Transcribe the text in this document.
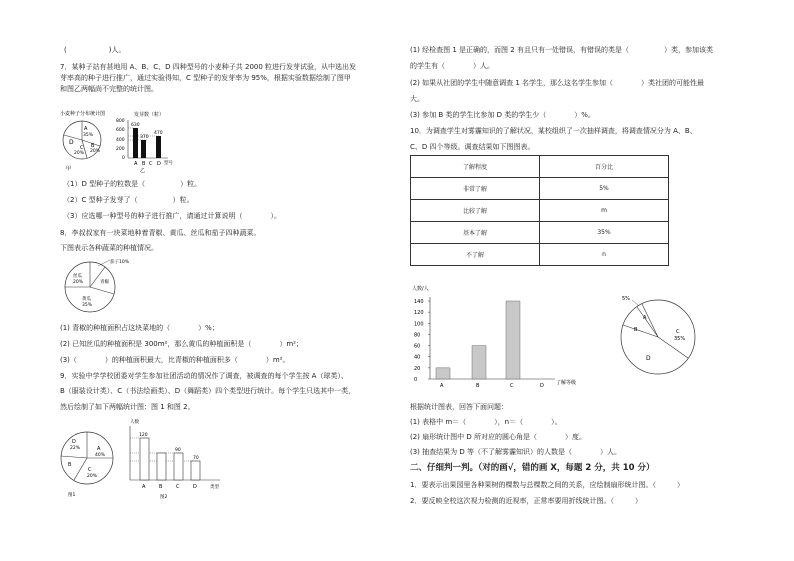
(　　　　　　)人。
7．某种子站有甚地用 A、B、C、D 四种型号的小麦种子共 2000 粒进行发芽试验，从中选出发
芽率高的种子进行推广，通过实验得知，C 型种子的发芽率为 95%，根据实验数据绘制了图甲
和图乙两幅尚不完整的统计图。
小麦种子分布统计图
A
35%
B
20%
C
20%
D
甲
发芽数（粒）
800
600
400
200
0
630
370
470
A B C D 型号
乙
（1）D 型种子的粒数是（　　　　　）粒。
（2）C 型种子发芽了（　　　　　）粒。
（3）应选哪一种型号的种子进行推广，请通过计算说明（　　　　）。
8．李叔叔家有一块菜地种着青椒、黄瓜、丝瓜和茄子四种蔬菜。
下图表示各种蔬菜的种植情况。
茄子10%
丝瓜
20%	青椒
黄瓜
35%
(1) 青椒的种植面积占这块菜地的（　　　　）%；
(2) 已知丝瓜的种植面积是 300m²，那么黄瓜的种植面积是（　　　　）m²；
(3)（　　　　）的种植面积最大，比青椒的种植面积多（　　　　）m²。
9．实验中学学校团委对学生参加社团活动的情况作了调查，被调查的每个学生按 A（球类）、
B（服装设计类）、C（书法绘画类）、D（舞蹈类）四个类型进行统计。每个学生只选其中一类，
然后绘制了如下两幅统计图：图 1 和图 2。
D
22%	A
40%
B
C
20%
图1
人数
120
90
70
A	B	C	D	类型
图2
(1) 经检查图 1 是正确的，而图 2 有且只有一处错误，有错误的类是（　　　　　）类，参加该类
的学生有（　　　　）人。
(2) 如果从社团的学生中随意调查 1 名学生，那么这名学生参加（　　　　）类社团的可能性最
大。
(3) 参加 B 类的学生比参加 D 类的学生少（　　　　）%。
10．为调查学生对雾霾知识的了解状况，某校组织了一次抽样调查，将调查情况分为 A、B、
C、D 四个等级。调查结果如下图图表。
了解程度	百分比
非常了解	5%
比较了解	m
基本了解	35%
不了解	n
人数/人
140
120
100
80
60
40
20
0
A	B	C	D 了解等级
5%
A
B	C
35%
D
根据统计图表，回答下面问题：
(1) 表格中 m＝（　　　　），n＝（　　　　）。
(2) 扇形统计图中 D 所对应的圆心角是（　　　　）度。
(3) 抽查结果为 D 等（不了解雾霾知识）的人数是（　　　　）人。
二、仔细判一判。（对的画√，错的画 X，每题 2 分，共 10 分）
1．要表示出果园里各种果树的棵数与总棵数之间的关系，应绘制扇形统计图。（　　　）
2．要反映全校这次视力检测的近视率，正常率要用折线统计图。（　　　）
